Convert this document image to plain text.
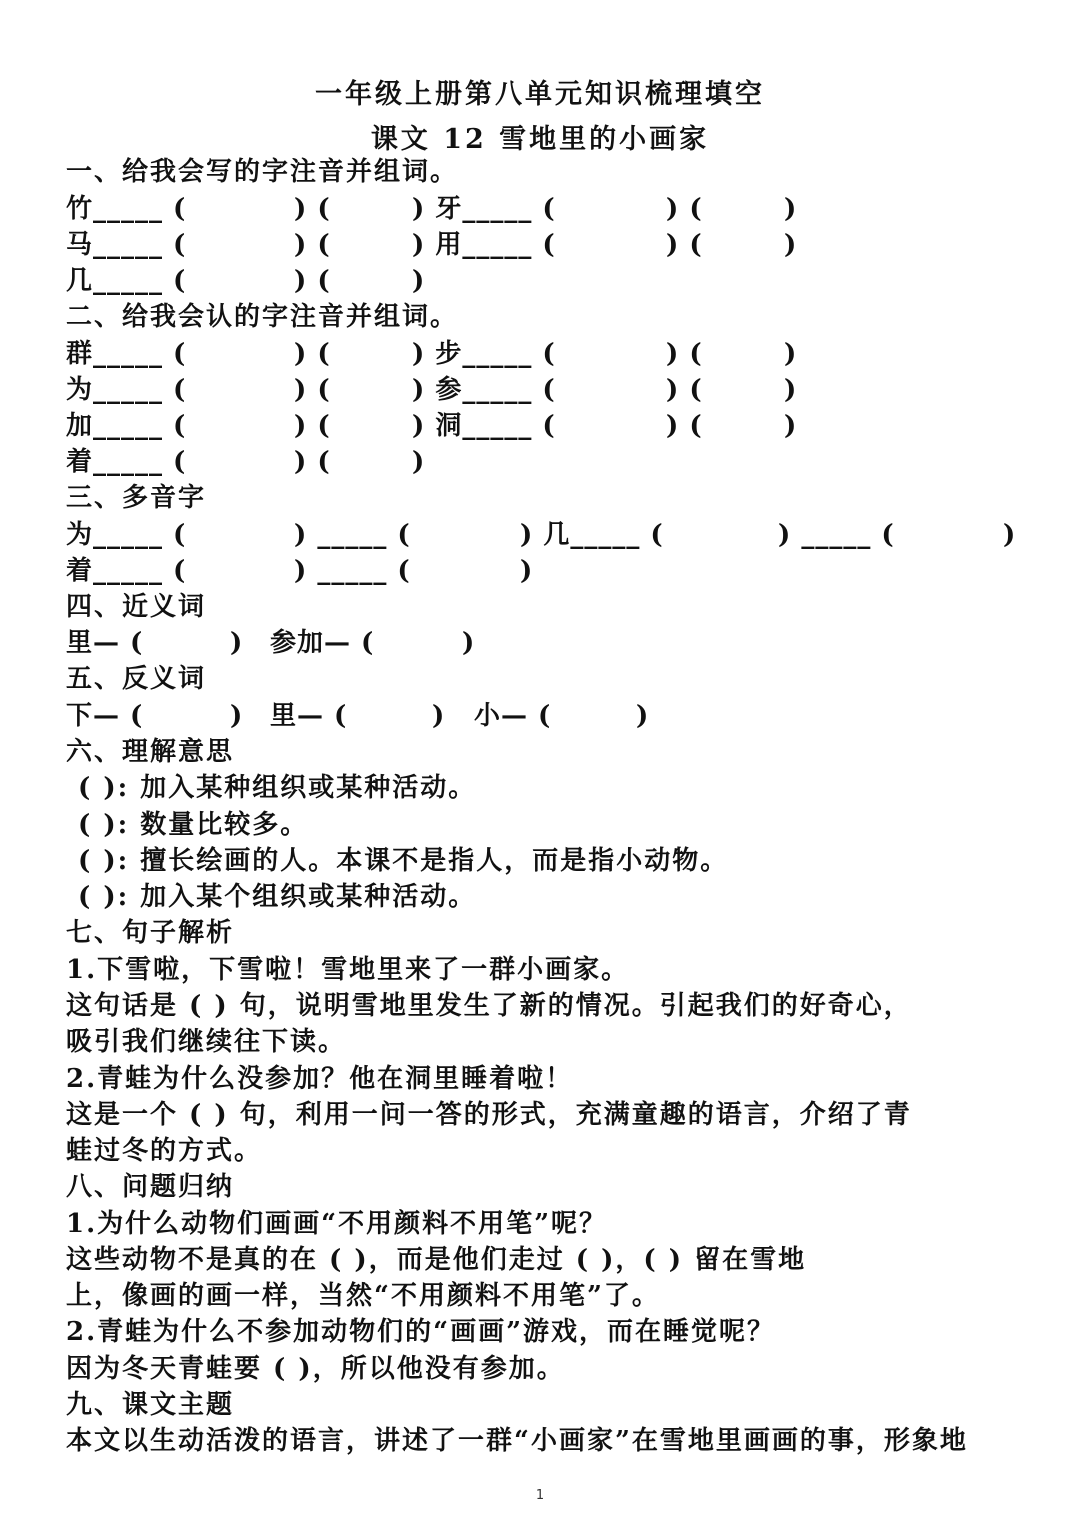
一年级上册第八单元知识梳理填空
课文 12 雪地里的小画家
一、给我会写的字注音并组词。
竹_____ (	) (	) 牙_____ (	) (	)
马_____ (	) (	) 用_____ (	) (	)
几_____ (	) (	)
二、给我会认的字注音并组词。
群_____ (	) (	) 步_____ (	) (	)
为_____ (	) (	) 参_____ (	) (	)
加_____ (	) (	) 洞_____ (	) (	)
着_____ (	) (	)
三、多音字
为_____ (	) _____ (	) 几_____ (	) _____ (	)
着_____ (	) _____ (	)
四、近义词
里— (	) 参加— (	)
五、反义词
下— (	) 里— (	) 小— (	)
六、理解意思
( ): 加入某种组织或某种活动。
( ): 数量比较多。
( ): 擅长绘画的人。本课不是指人，而是指小动物。
( ): 加入某个组织或某种活动。
七、句子解析
1.下雪啦，下雪啦！雪地里来了一群小画家。
这句话是 ( ) 句，说明雪地里发生了新的情况。引起我们的好奇心，
吸引我们继续往下读。
2.青蛙为什么没参加？他在洞里睡着啦！
这是一个 ( ) 句，利用一问一答的形式，充满童趣的语言，介绍了青
蛙过冬的方式。
八、问题归纳
1.为什么动物们画画“不用颜料不用笔”呢？
这些动物不是真的在 ( )，而是他们走过 ( )，( ) 留在雪地
上，像画的画一样，当然“不用颜料不用笔”了。
2.青蛙为什么不参加动物们的“画画”游戏，而在睡觉呢？
因为冬天青蛙要 ( )，所以他没有参加。
九、课文主题
本文以生动活泼的语言，讲述了一群“小画家”在雪地里画画的事，形象地
1
